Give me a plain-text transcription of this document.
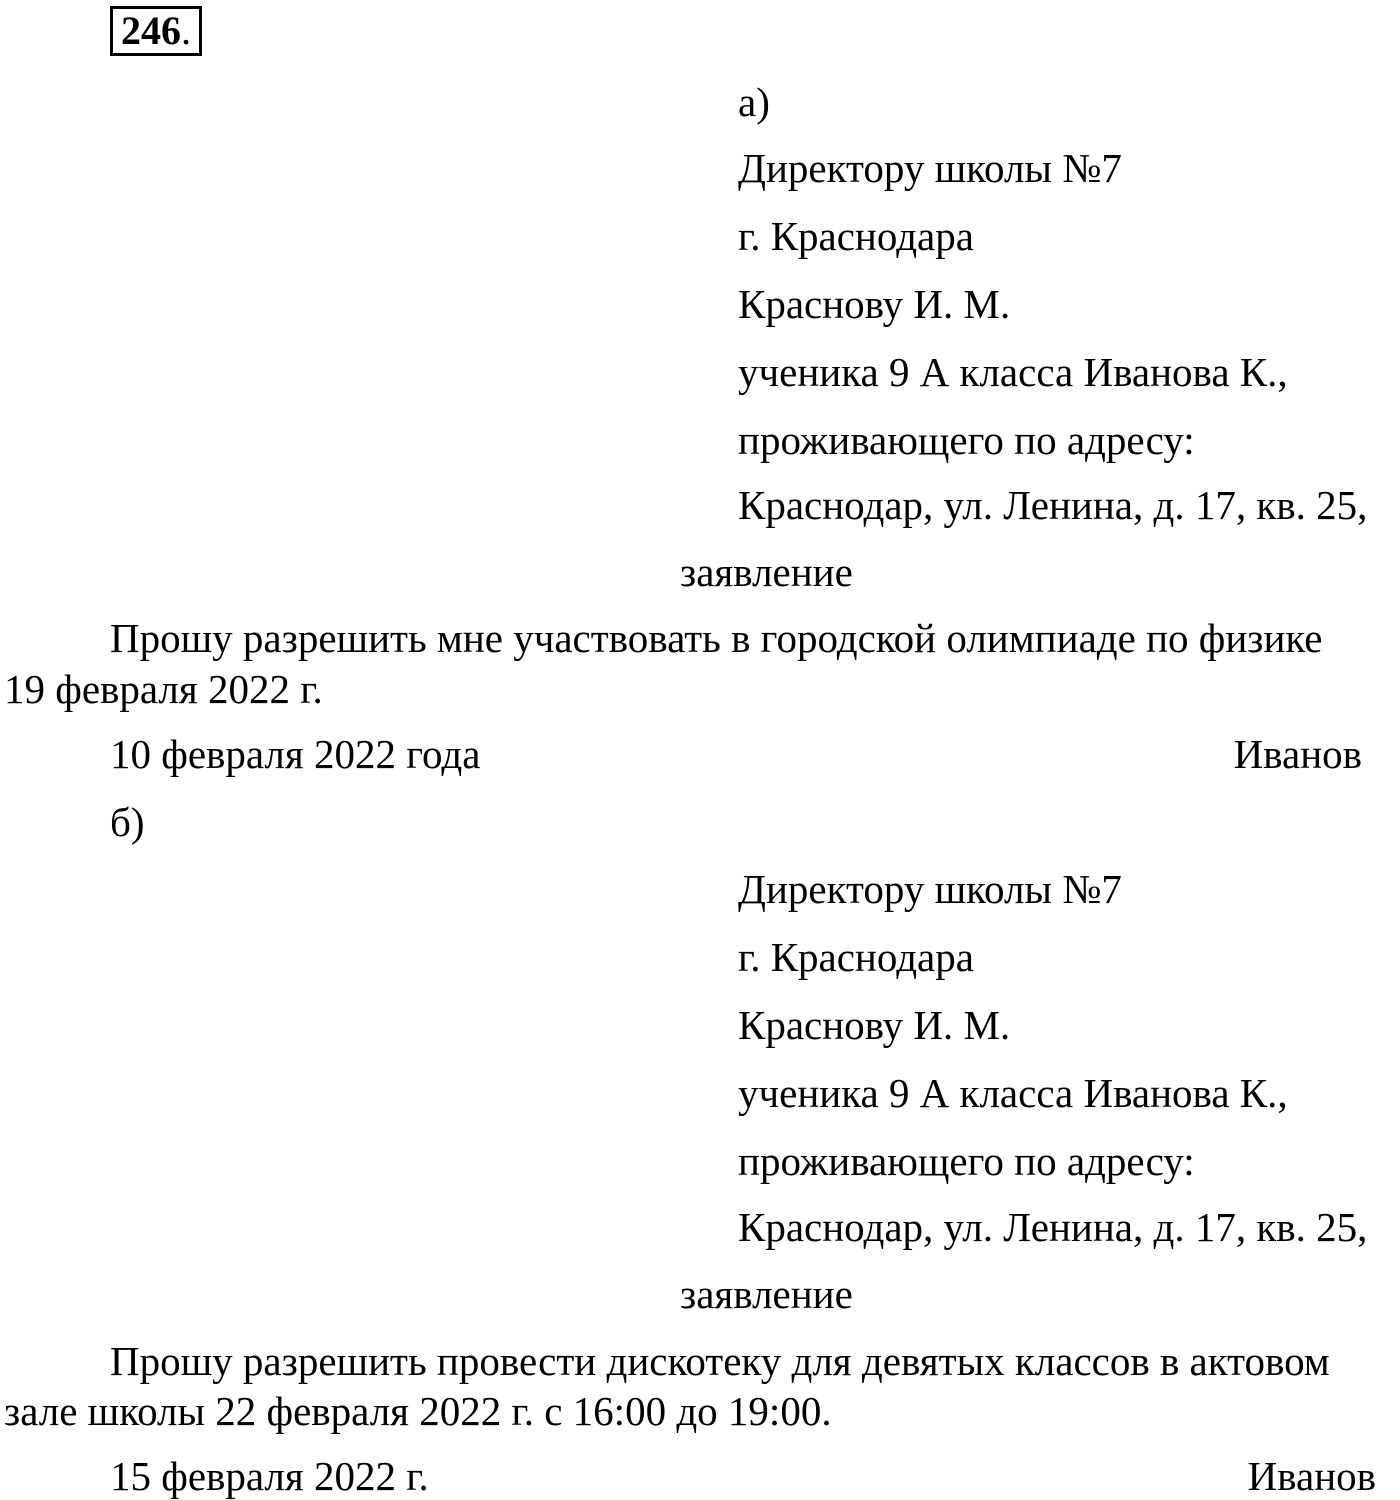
246 .
а)
Директору школы №7
г. Краснодара
Краснову И. М.
ученика 9 А класса Иванова К.,
проживающего по адресу:
Краснодар, ул. Ленина, д. 17, кв. 25,
заявление
Прошу разрешить мне участвовать в городской олимпиаде по физике
19 февраля 2022 г.
10 февраля 2022 года	Иванов
б)
Директору школы №7
г. Краснодара
Краснову И. М.
ученика 9 А класса Иванова К.,
проживающего по адресу:
Краснодар, ул. Ленина, д. 17, кв. 25,
заявление
Прошу разрешить провести дискотеку для девятых классов в актовом
зале школы 22 февраля 2022 г. с 16:00 до 19:00.
15 февраля 2022 г.	Иванов
